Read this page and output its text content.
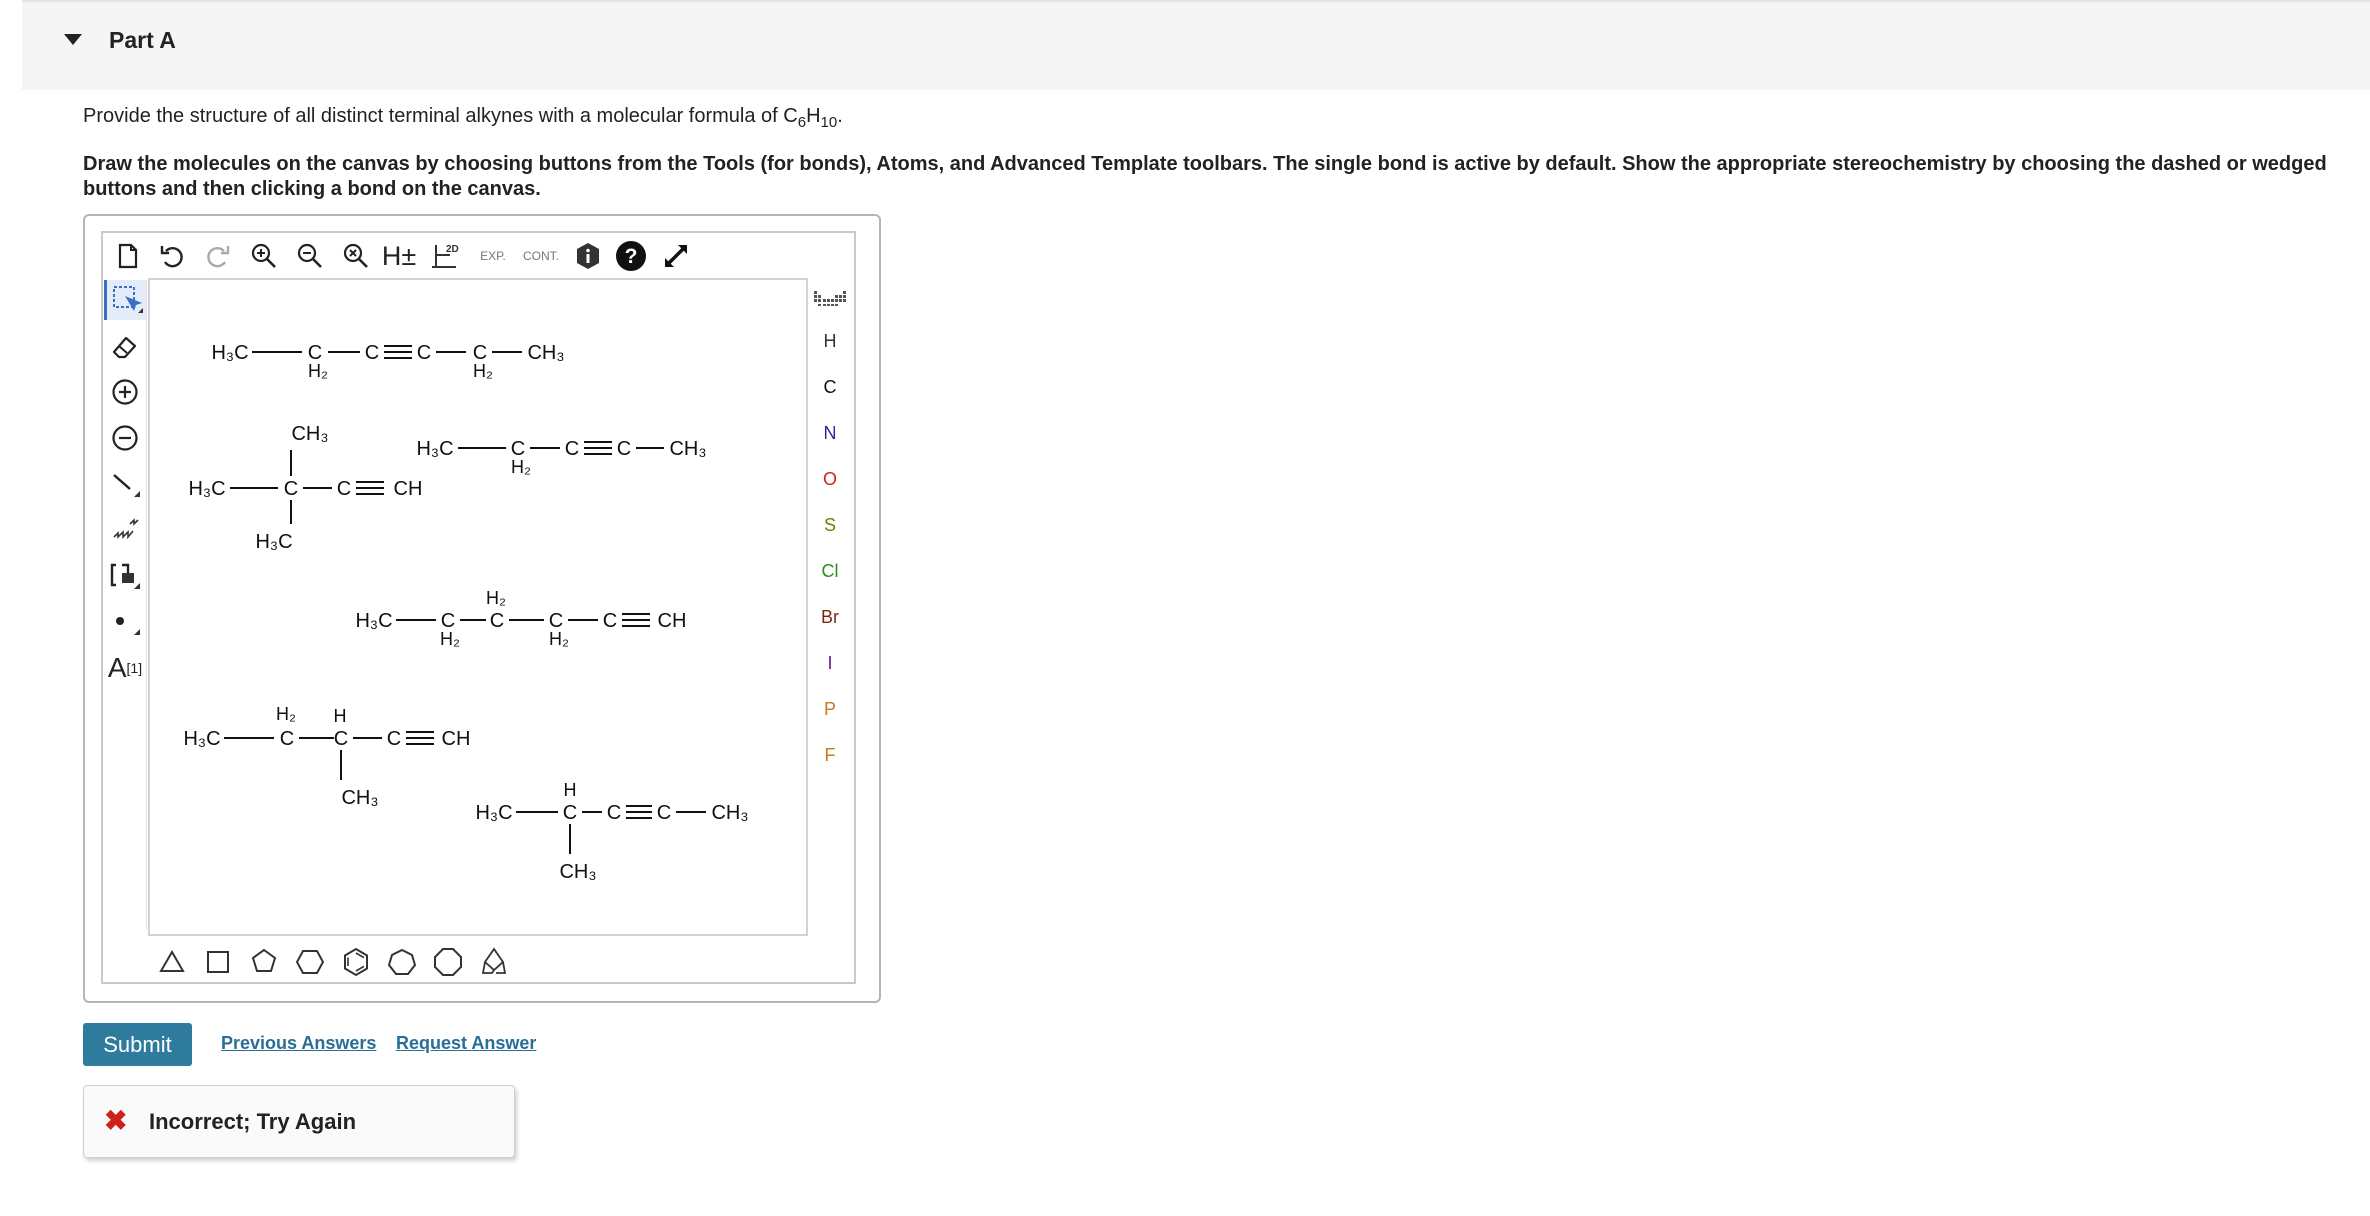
Part A
Provide the structure of all distinct terminal alkynes with a molecular formula of $C_6H_{10}$.
Draw the molecules on the canvas by choosing buttons from the Tools (for bonds), Atoms, and Advanced Template toolbars. The single bond is active by default. Show the appropriate stereochemistry by choosing the dashed or wedged buttons and then clicking a bond on the canvas.
H±	2D EXP. CONT.	?
A [1]
H₃C	C
H₂
C C C
H₂
CH₃
CH₃
H₃C	C C CH
H₃C
H₃C	C
H₂
C C CH₃
H₃C C
H₂
H₂
C C
H₂
C CH
H₃C
H₂
C
H
C C CH
CH₃
H₃C
H
C C C CH₃
CH₃
H
C
N
O
S
Cl
Br
I
P
F
Submit	Previous Answers Request Answer
✖ Incorrect; Try Again
